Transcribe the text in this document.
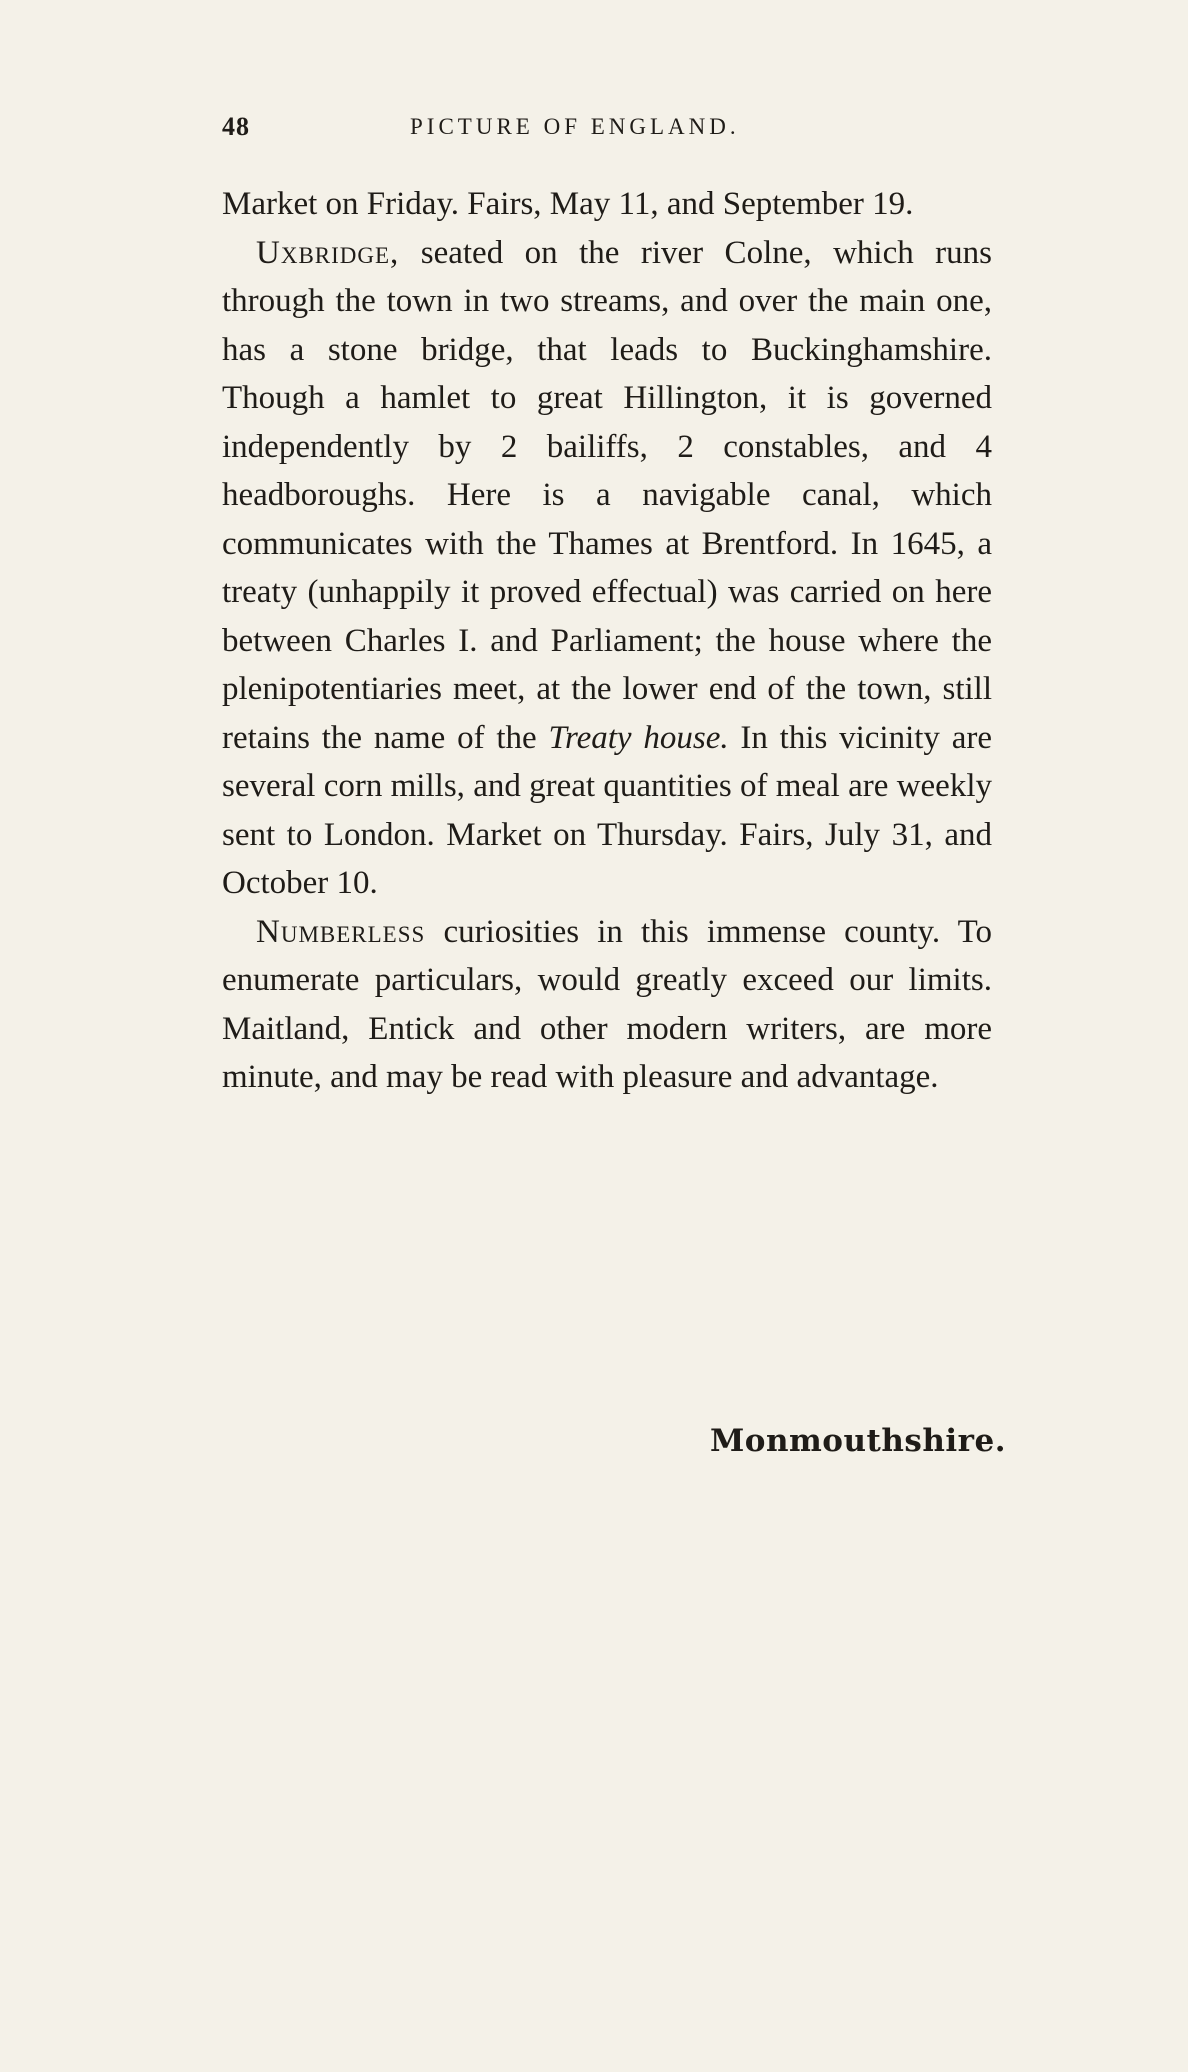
48	PICTURE OF ENGLAND.

Market on Friday. Fairs, May 11, and September 19.

Uxbridge, seated on the river Colne, which runs through the town in two streams, and over the main one, has a stone bridge, that leads to Buckinghamshire. Though a hamlet to great Hillington, it is governed independently by 2 bailiffs, 2 constables, and 4 headboroughs. Here is a navigable canal, which communicates with the Thames at Brentford. In 1645, a treaty (unhappily it proved effectual) was carried on here between Charles I. and Parliament; the house where the plenipotentiaries meet, at the lower end of the town, still retains the name of the Treaty house. In this vicinity are several corn mills, and great quantities of meal are weekly sent to London. Market on Thursday. Fairs, July 31, and October 10.

Numberless curiosities in this immense county. To enumerate particulars, would greatly exceed our limits. Maitland, Entick and other modern writers, are more minute, and may be read with pleasure and advantage.

Monmouthshire.
